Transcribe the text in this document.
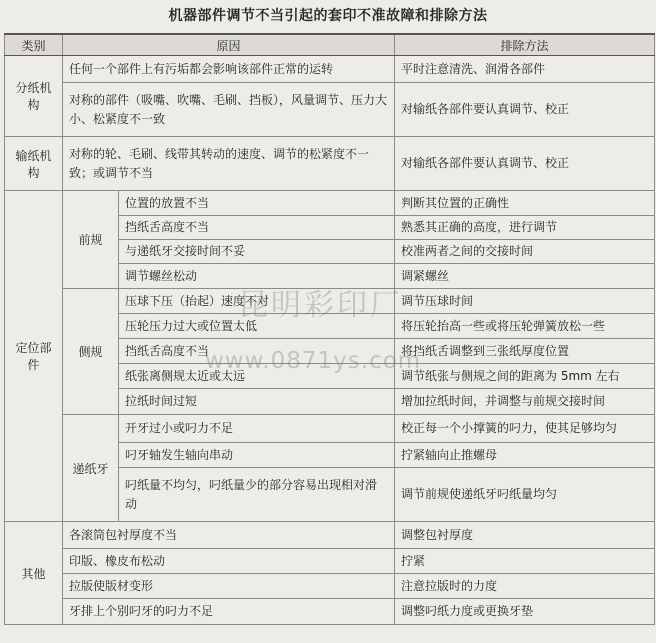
机器部件调节不当引起的套印不准故障和排除方法
类别	原因		排除方法
分纸机构	任何一个部件上有污垢都会影响该部件正常的运转		平时注意清洗、润滑各部件
	对称的部件（吸嘴、吹嘴、毛刷、挡板），风量调节、压力大小、松紧度不一致		对输纸各部件要认真调节、校正
输纸机构	对称的轮、毛刷、线带其转动的速度、调节的松紧度不一致；或调节不当		对输纸各部件要认真调节、校正
定位部件	前规	位置的放置不当	判断其位置的正确性
		挡纸舌高度不当	熟悉其正确的高度，进行调节
		与递纸牙交接时间不妥	校准两者之间的交接时间
		调节螺丝松动	调紧螺丝
	侧规	压球下压（抬起）速度不对	调节压球时间
		压轮压力过大或位置太低	将压轮抬高一些或将压轮弹簧放松一些
		挡纸舌高度不当	将挡纸舌调整到三张纸厚度位置
		纸张离侧规太近或太远	调节纸张与侧规之间的距离为 5mm 左右
		拉纸时间过短	增加拉纸时间，并调整与前规交接时间
	递纸牙	开牙过小或叼力不足	校正每一个小撑簧的叼力，使其足够均匀
		叼牙轴发生轴向串动	拧紧轴向止推螺母
		叼纸量不均匀，叼纸量少的部分容易出现相对滑动	调节前规使递纸牙叼纸量均匀
其他	各滚筒包衬厚度不当		调整包衬厚度
	印版、橡皮布松动		拧紧
	拉版使版材变形		注意拉版时的力度
	牙排上个别叼牙的叼力不足		调整叼纸力度或更换牙垫
昆明彩印厂
www.0871ys.com
